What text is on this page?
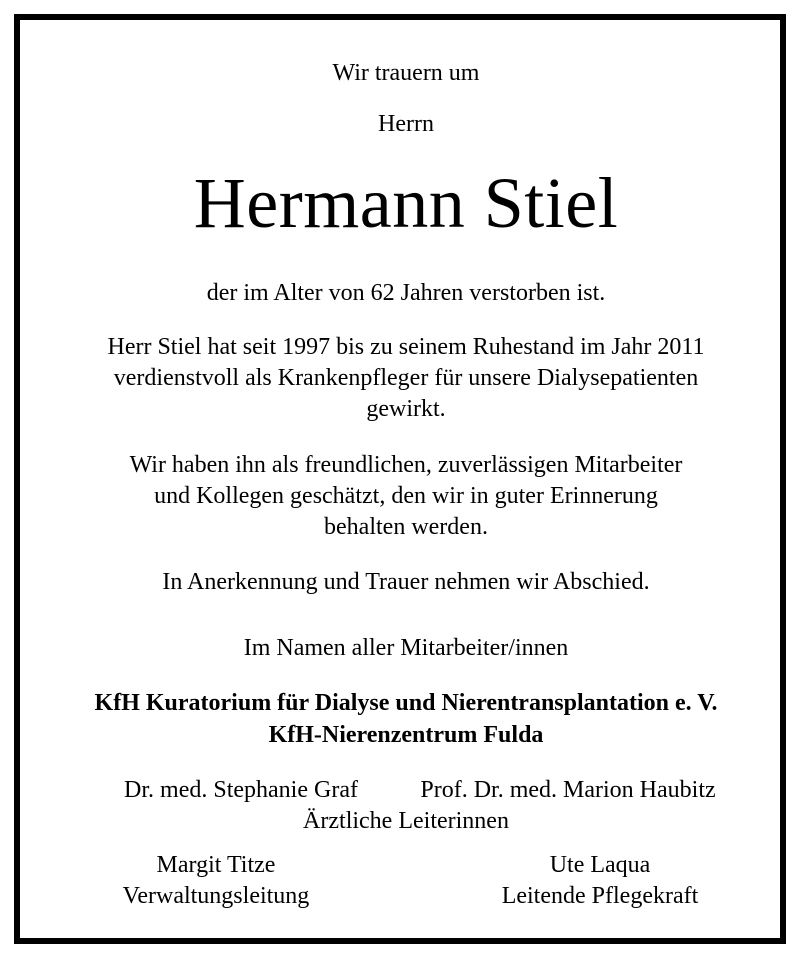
Wir trauern um
Herrn
Hermann Stiel
der im Alter von 62 Jahren verstorben ist.
Herr Stiel hat seit 1997 bis zu seinem Ruhestand im Jahr 2011
verdienstvoll als Krankenpfleger für unsere Dialysepatienten
gewirkt.
Wir haben ihn als freundlichen, zuverlässigen Mitarbeiter
und Kollegen geschätzt, den wir in guter Erinnerung
behalten werden.
In Anerkennung und Trauer nehmen wir Abschied.
Im Namen aller Mitarbeiter/innen
KfH Kuratorium für Dialyse und Nierentransplantation e. V.
KfH-Nierenzentrum Fulda
Dr. med. Stephanie Graf	Prof. Dr. med. Marion Haubitz
Ärztliche Leiterinnen
Margit Titze
Verwaltungsleitung
Ute Laqua
Leitende Pflegekraft
